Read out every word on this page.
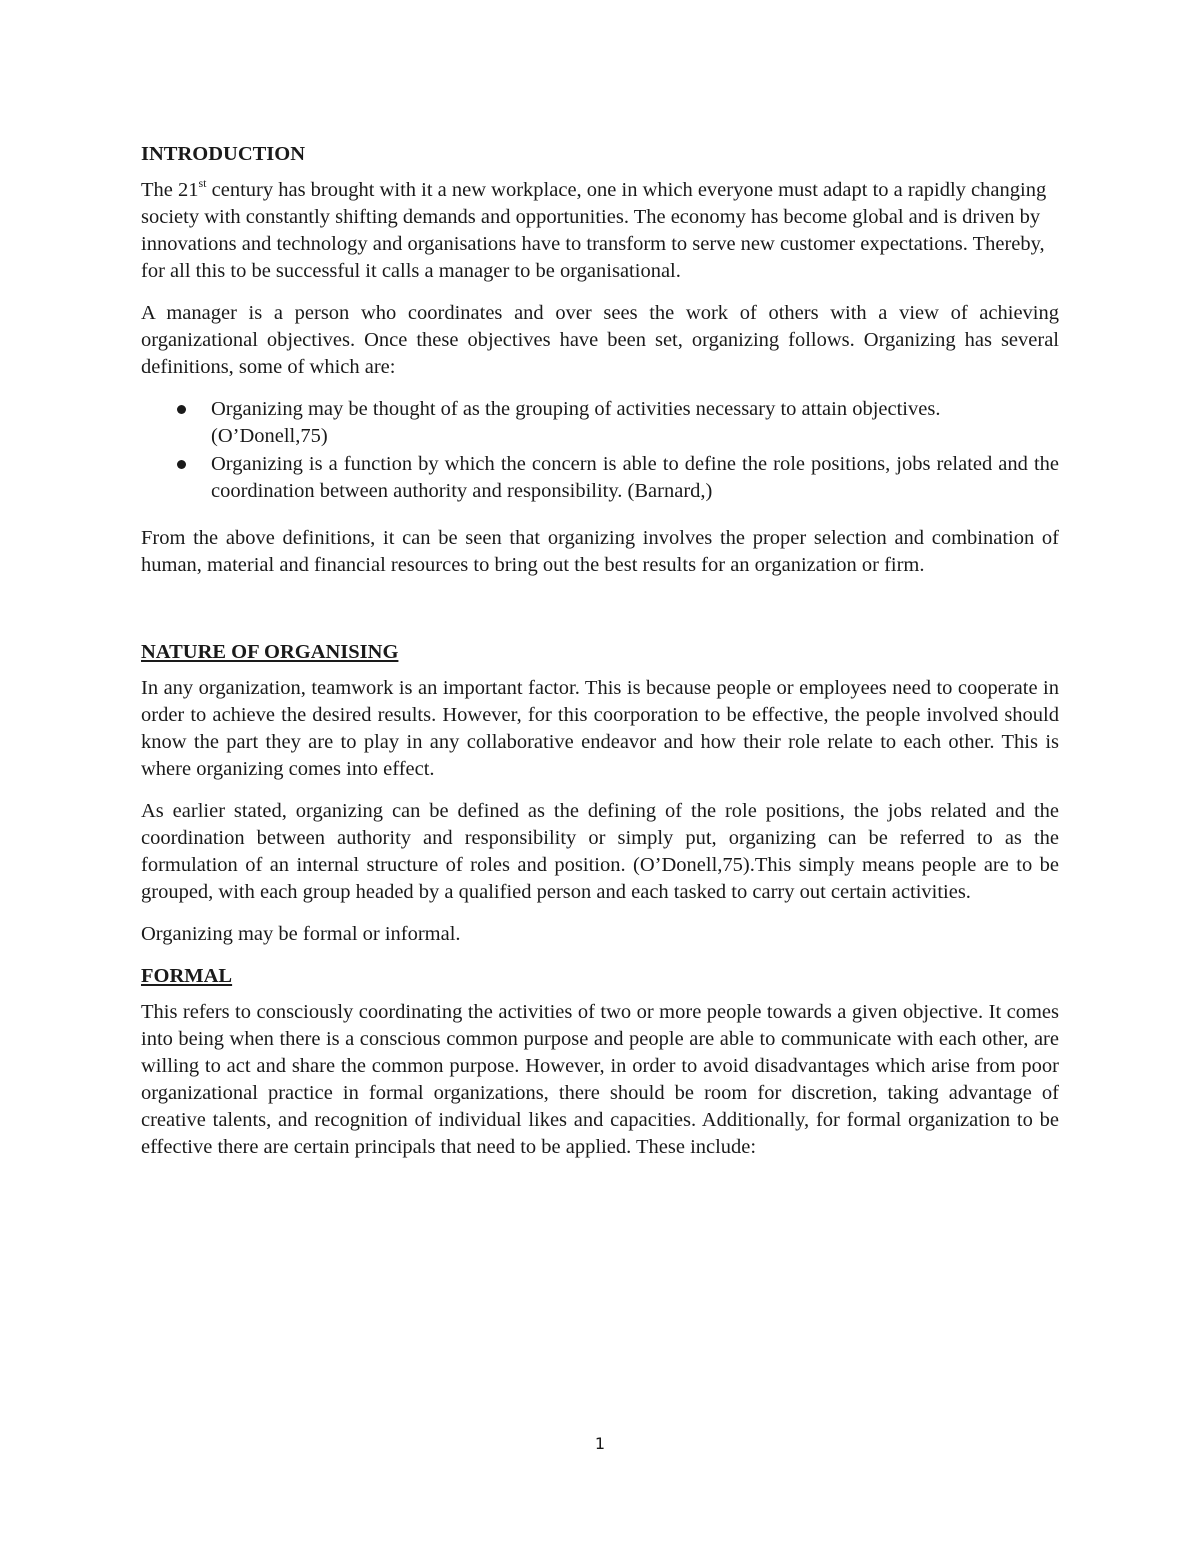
INTRODUCTION

The 21st century has brought with it a new workplace, one in which everyone must adapt to a rapidly changing society with constantly shifting demands and opportunities. The economy has become global and is driven by innovations and technology and organisations have to transform to serve new customer expectations. Thereby, for all this to be successful it calls a manager to be organisational.

A manager is a person who coordinates and over sees the work of others with a view of achieving organizational objectives. Once these objectives have been set, organizing follows. Organizing has several definitions, some of which are:

Organizing may be thought of as the grouping of activities necessary to attain objectives. (O’Donell,75)
Organizing is a function by which the concern is able to define the role positions, jobs related and the coordination between authority and responsibility. (Barnard,)

From the above definitions, it can be seen that organizing involves the proper selection and combination of human, material and financial resources to bring out the best results for an organization or firm.

NATURE OF ORGANISING

In any organization, teamwork is an important factor. This is because people or employees need to cooperate in order to achieve the desired results. However, for this coorporation to be effective, the people involved should know the part they are to play in any collaborative endeavor and how their role relate to each other. This is where organizing comes into effect.

As earlier stated, organizing can be defined as the defining of the role positions, the jobs related and the coordination between authority and responsibility or simply put, organizing can be referred to as the formulation of an internal structure of roles and position. (O’Donell,75).This simply means people are to be grouped, with each group headed by a qualified person and each tasked to carry out certain activities.

Organizing may be formal or informal.

FORMAL

This refers to consciously coordinating the activities of two or more people towards a given objective. It comes into being when there is a conscious common purpose and people are able to communicate with each other, are willing to act and share the common purpose. However, in order to avoid disadvantages which arise from poor organizational practice in formal organizations, there should be room for discretion, taking advantage of creative talents, and recognition of individual likes and capacities. Additionally, for formal organization to be effective there are certain principals that need to be applied. These include:

1
